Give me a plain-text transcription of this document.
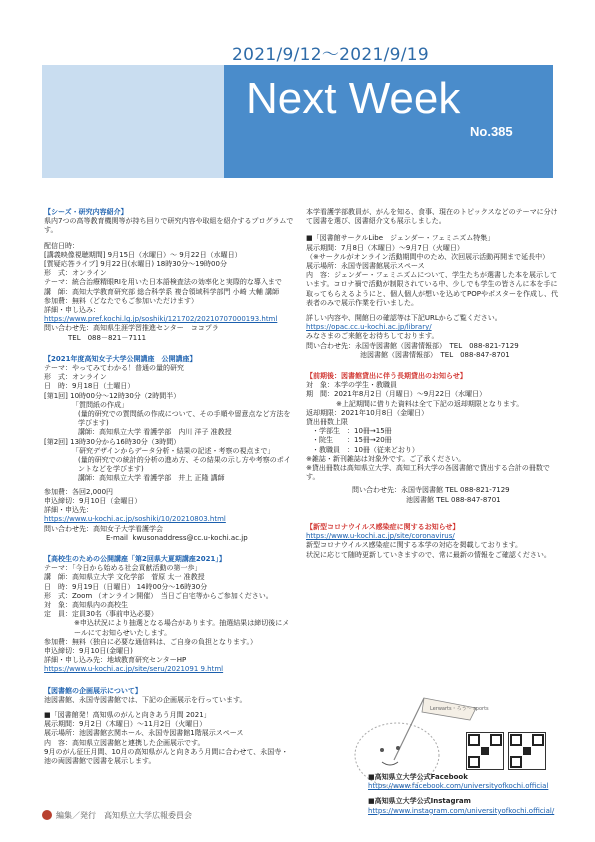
2021/9/12～2021/9/19
Next Week
No.385

【シーズ・研究内容紹介】

県内7つの高等教育機関等が持ち回りで研究内容や取組を紹介するプログラムです。

配信日時：

[講義映像視聴期間] 9月15日（水曜日）～ 9月22日（水曜日）

[質疑応答ライブ] 9月22日(水曜日) 18時30分～19時00分

形　式：オンライン

テーマ：統合治療精眼RIを用いた日本語検査法の効率化と実際的な導入まで

講　師：高知大学教育研究部 総合科学系 複合領域科学部門 小崎 大輔 講師

参加費：無料（どなたでもご参加いただけます）

詳細・申し込み：

https://www.pref.kochi.lg.jp/soshiki/121702/20210707000193.html

問い合わせ先：高知県生涯学習推進センター　ココプラ

TEL　088－821－7111

【2021年度高知女子大学公開講座　公開講座】

テーマ：やってみてわかる！普通の量的研究

形　式：オンライン

日　時：9月18日（土曜日）

[第1回] 10時00分～12時30分（2時間半）

「質問紙の作成」

(量的研究での質問紙の作成について、その手順や留意点など方法を学びます)

講師：高知県立大学 看護学部　内川 洋子 准教授

[第2回] 13時30分から16時30分（3時間）

「研究デザインからデータ分析・結果の記述・考察の視点まで」

(量的研究での統計的分析の進め方、その結果の示し方や考察のポイントなどを学びます)

講師：高知県立大学 看護学部　井上 正隆 講師

参加費：各回2,000円

申込締切：9月10日（金曜日）

詳細・申込先：

https://www.u-kochi.ac.jp/soshiki/10/20210803.html

問い合わせ先：高知女子大学看護学会

E-mail  kwusonaddress@cc.u-kochi.ac.jp

【高校生のための公開講座「第2回県大夏期講座2021」】

テーマ：「今日から始める社会貢献活動の第一歩」

講　師：高知県立大学 文化学部　菅原 太一 准教授

日　時：9月19日（日曜日） 14時00分～16時30分

形　式：Zoom （オンライン開催）　当日ご自宅等からご参加ください。

対　象：高知県内の高校生

定　員：定員30名（事前申込必要）

※申込状況により抽選となる場合があります。抽選結果は締切後にメールにてお知らせいたします。

参加費：無料（独自に必要な通信料は、ご自身の負担となります。）

申込締切：9月10日(金曜日)

詳細・申し込み先：地域教育研究センターHP

https://www.u-kochi.ac.jp/site/seru/2021091 9.html

【図書館の企画展示について】

池図書館、永国寺図書館では、下記の企画展示を行っています。

■「図書館発！高知県のがんと向きあう月間 2021」

展示期間：9月2日（木曜日）～11月2日（火曜日）

展示場所：池図書館玄関ホール、永国寺図書館1階展示スペース

内　容：高知県立図書館と連携した企画展示です。

9月のがん征圧月間、10月の高知県がんと向きあう月間に合わせて、永国寺・池の両図書館で図書を展示します。

本学看護学部教員が、がんを知る、食事、現在のトピックスなどのテーマに分けて図書を選び、図書紹介文も展示しました。

■「図書館サークルLibe　ジェンダー・フェミニズム特集」

展示期間：7月8日（木曜日）～9月7日（火曜日）

（※サークルがオンライン活動期間中のため、次回展示活動再開まで延長中）

展示場所：永国寺図書館展示スペース

内　容：ジェンダー・フェミニズムについて、学生たちが選書した本を展示しています。コロナ禍で活動が制限されている中、少しでも学生の皆さんに本を手に取ってもらえるようにと、個人個人が想いを込めてPOPやポスターを作成し、代表者のみで展示作業を行いました。

詳しい内容や、開館日の確認等は下記URLからご覧ください。

https://opac.cc.u-kochi.ac.jp/library/

みなさまのご来館をお待ちしております。

問い合わせ先：永国寺図書館（図書情報部）　TEL　088-821-7129

池図書館（図書情報部）　TEL　088-847-8701

【前期後：図書館貸出に伴う長期貸出のお知らせ】

対　象：本学の学生・教職員

期　間：2021年8月2日（月曜日）～9月22日（水曜日）

※上記期間に借りた資料は全て下記の返却期限となります。

返却期限：2021年10月8日（金曜日）

貸出冊数上限

・学部生　：10冊→15冊

・院生　　：15冊→20冊

・教職員　：10冊（従来どおり）

※雑誌・新刊雑誌は対象外です。ご了承ください。

※貸出冊数は高知県立大学、高知工科大学の各図書館で貸出する合計の冊数です。

問い合わせ先：永国寺図書館 TEL 088-821-7129

池図書館 TEL 088-847-8701

【新型コロナウイルス感染症に関するお知らせ】

https://www.u-kochi.ac.jp/site/coronavirus/

新型コロナウイルス感染症に関する本学の対応を掲載しております。

状況に応じて随時更新していきますので、常に最新の情報をご確認ください。

Lerwarts・ろう〜 sports

■高知県立大学公式Facebook

https://www.facebook.com/universityofkochi.official

■高知県立大学公式Instagram

https://www.instagram.com/universityofkochi.official/

編集／発行　高知県立大学広報委員会
